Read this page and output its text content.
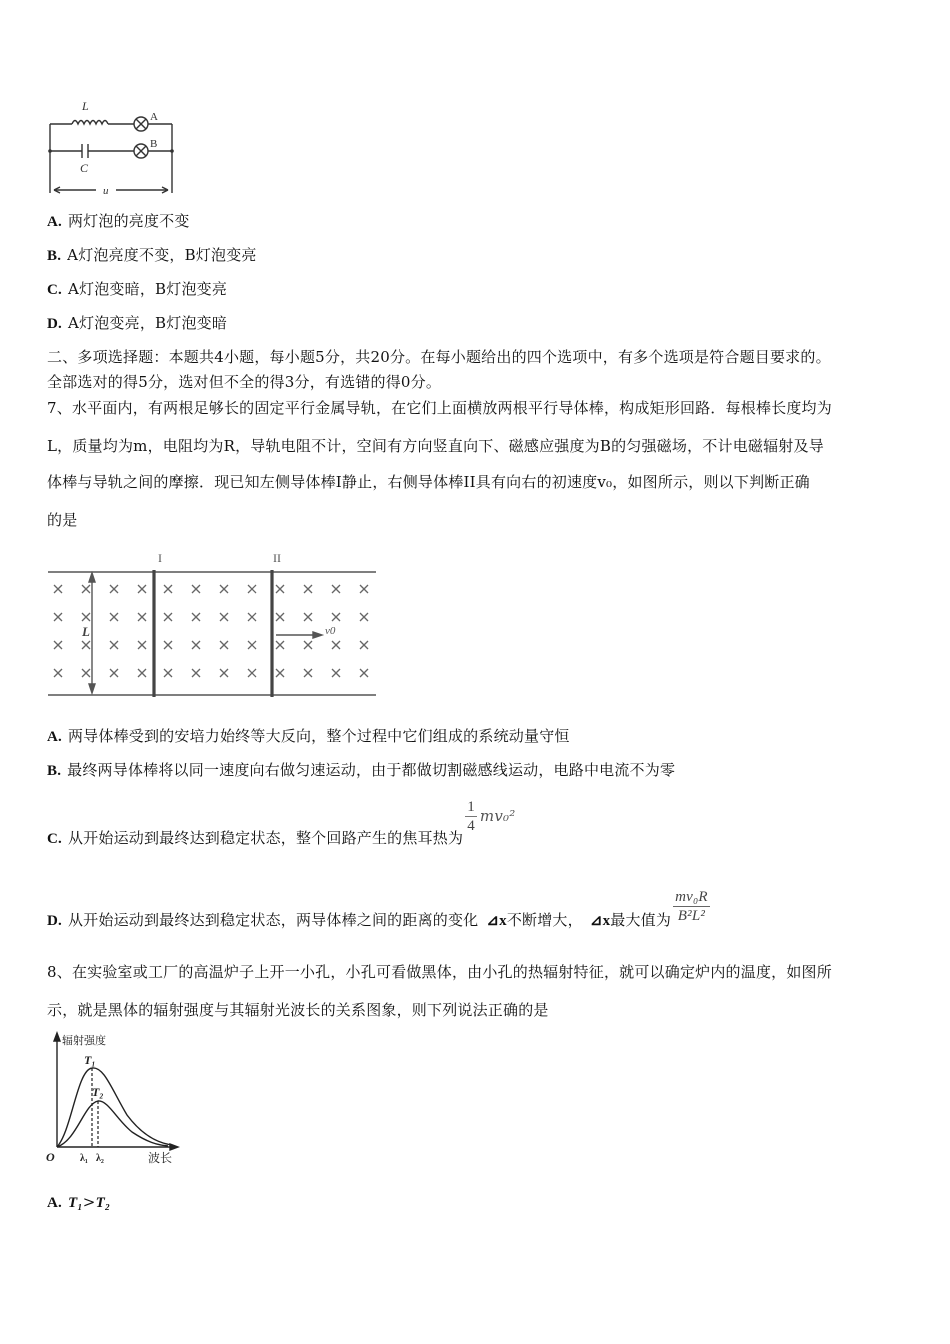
L
C
A
B
u
A. 两灯泡的亮度不变
B. A灯泡亮度不变，B灯泡变亮
C. A灯泡变暗，B灯泡变亮
D. A灯泡变亮，B灯泡变暗
二、多项选择题：本题共4小题，每小题5分，共20分。在每小题给出的四个选项中，有多个选项是符合题目要求的。
全部选对的得5分，选对但不全的得3分，有选错的得0分。
7、水平面内，有两根足够长的固定平行金属导轨，在它们上面横放两根平行导体棒，构成矩形回路．每根棒长度均为
L，质量均为m，电阻均为R，导轨电阻不计，空间有方向竖直向下、磁感应强度为B的匀强磁场，不计电磁辐射及导
体棒与导轨之间的摩擦．现已知左侧导体棒I静止，右侧导体棒II具有向右的初速度v₀，如图所示，则以下判断正确
的是
L	v0
I	II
A. 两导体棒受到的安培力始终等大反向，整个过程中它们组成的系统动量守恒
B. 最终两导体棒将以同一速度向右做匀速运动，由于都做切割磁感线运动，电路中电流不为零
C. 从开始运动到最终达到稳定状态，整个回路产生的焦耳热为
$\frac{1}{4} mv_0^2$
D. 从开始运动到最终达到稳定状态，两导体棒之间的距离的变化 ⊿x不断增大， ⊿x最大值为 $\frac{\text{mv₀R}}{\text{B²L²}}$
8、在实验室或工厂的高温炉子上开一小孔，小孔可看做黑体，由小孔的热辐射特征，就可以确定炉内的温度，如图所
示，就是黑体的辐射强度与其辐射光波长的关系图象，则下列说法正确的是
辐射强度
T₁
T₂
O	λ₁ λ₂	波长
A. T₁>T₂
